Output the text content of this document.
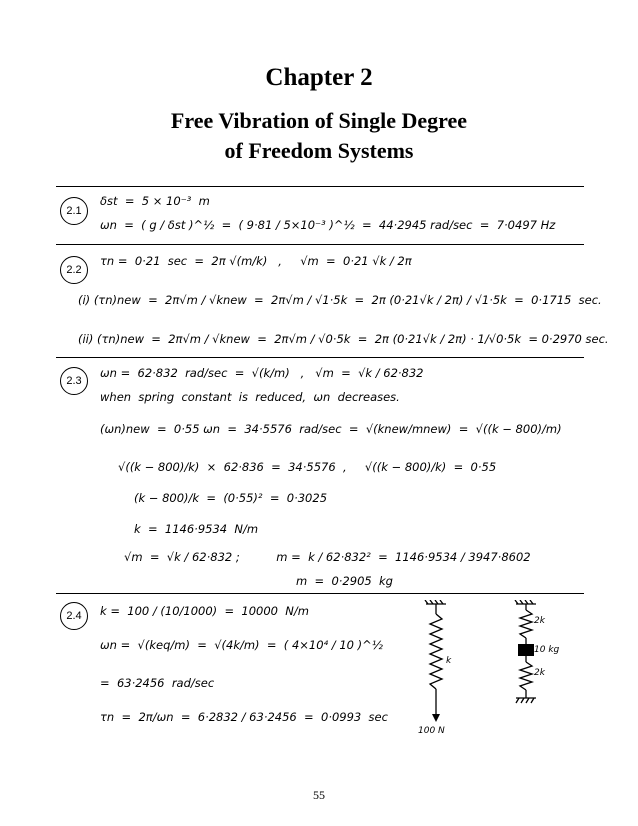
Chapter 2
Free Vibration of Single Degree
of Freedom Systems
2.1
δst  =  5 × 10⁻³  m
ωn  =  ( g / δst )^½  =  ( 9·81 / 5×10⁻³ )^½  =  44·2945 rad/sec  =  7·0497 Hz
2.2
τn =  0·21  sec  =  2π √(m/k)   ,     √m  =  0·21 √k / 2π
(i) (τn)new  =  2π√m / √knew  =  2π√m / √1·5k  =  2π (0·21√k / 2π) / √1·5k  =  0·1715  sec.
(ii) (τn)new  =  2π√m / √knew  =  2π√m / √0·5k  =  2π (0·21√k / 2π) · 1/√0·5k  = 0·2970 sec.
2.3
ωn =  62·832  rad/sec  =  √(k/m)   ,   √m  =  √k / 62·832
when  spring  constant  is  reduced,  ωn  decreases.
(ωn)new  =  0·55 ωn  =  34·5576  rad/sec  =  √(knew/mnew)  =  √((k − 800)/m)
√((k − 800)/k)  ×  62·836  =  34·5576  ,     √((k − 800)/k)  =  0·55
(k − 800)/k  =  (0·55)²  =  0·3025
k  =  1146·9534  N/m
√m  =  √k / 62·832 ;          m =  k / 62·832²  =  1146·9534 / 3947·8602
m  =  0·2905  kg
2.4	k =  100 / (10/1000)  =  10000  N/m
ωn =  √(keq/m)  =  √(4k/m)  =  ( 4×10⁴ / 10 )^½
=  63·2456  rad/sec
τn  =  2π/ωn  =  6·2832 / 63·2456  =  0·0993  sec
k
100 N
2k
10 kg
2k
55
